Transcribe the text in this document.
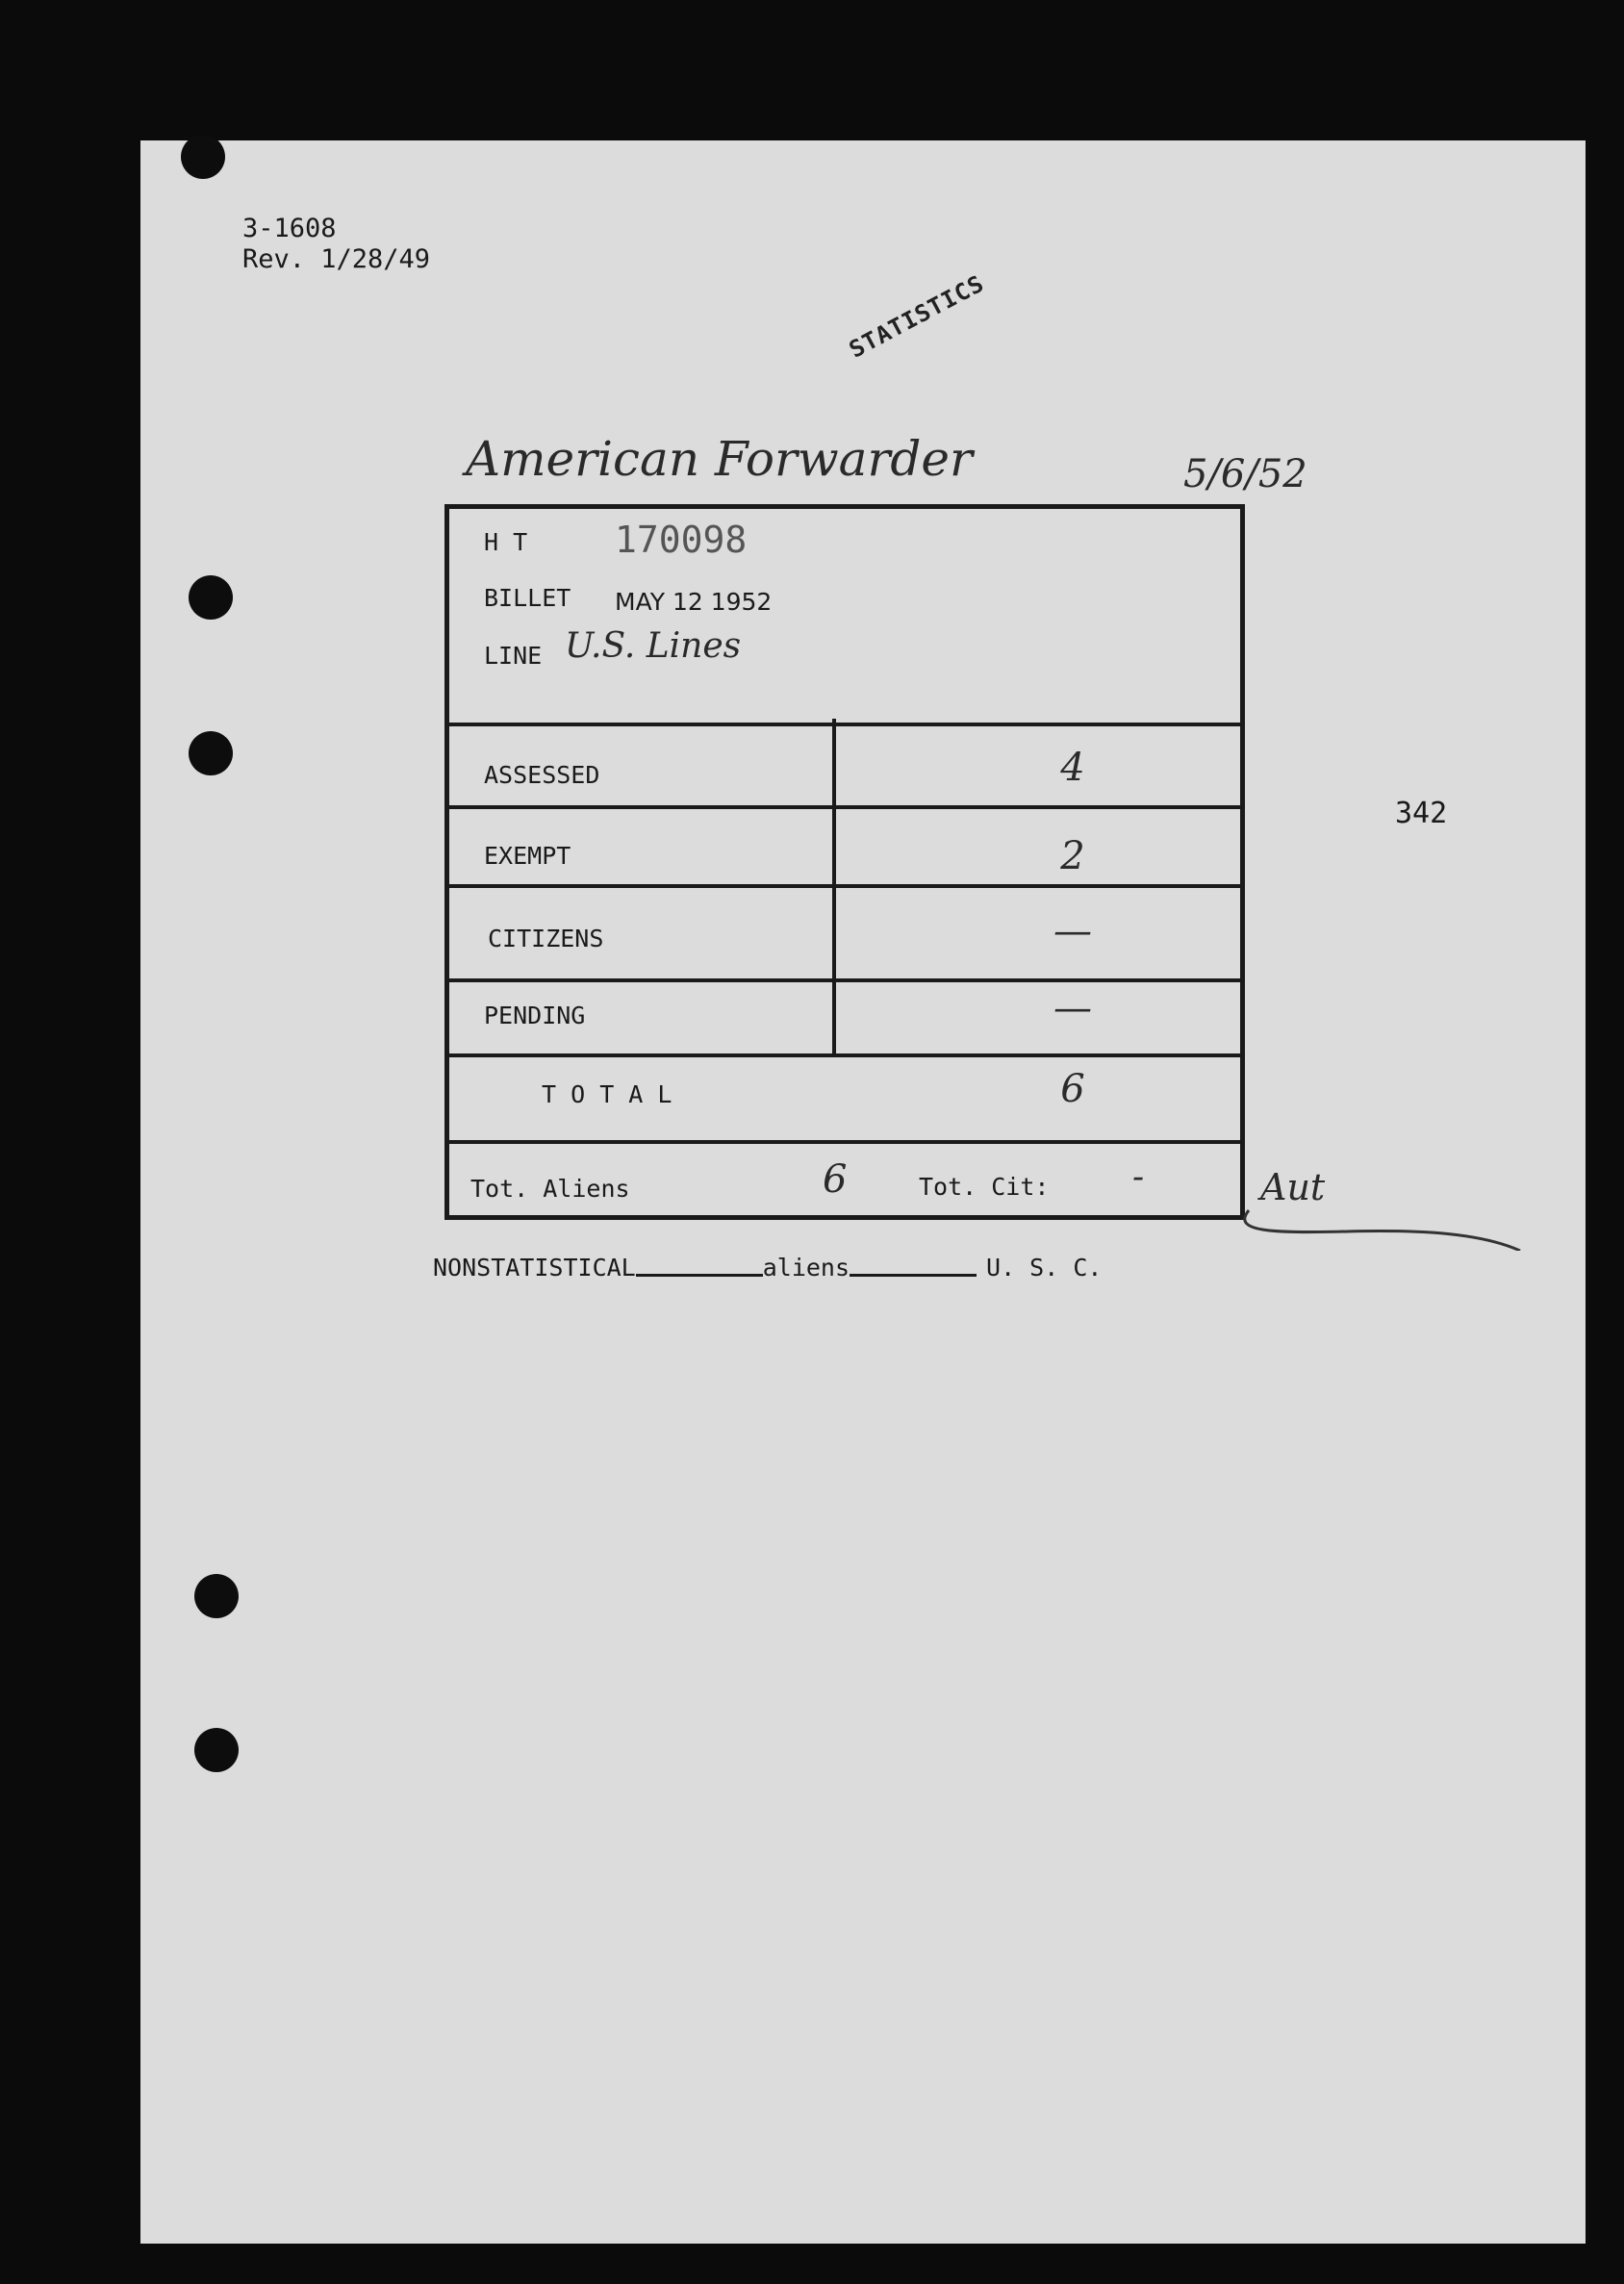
3-1608
Rev. 1/28/49
STATISTICS
American Forwarder	5/6/52
H T 170098
BILLET MAY 12 1952
LINE U.S. Lines
ASSESSED	4
EXEMPT	2
CITIZENS	—
PENDING	—
T O T A L	6
Tot. Aliens	6	Tot. Cit: -	Aut
342
NONSTATISTICAL	aliens	U. S. C.
